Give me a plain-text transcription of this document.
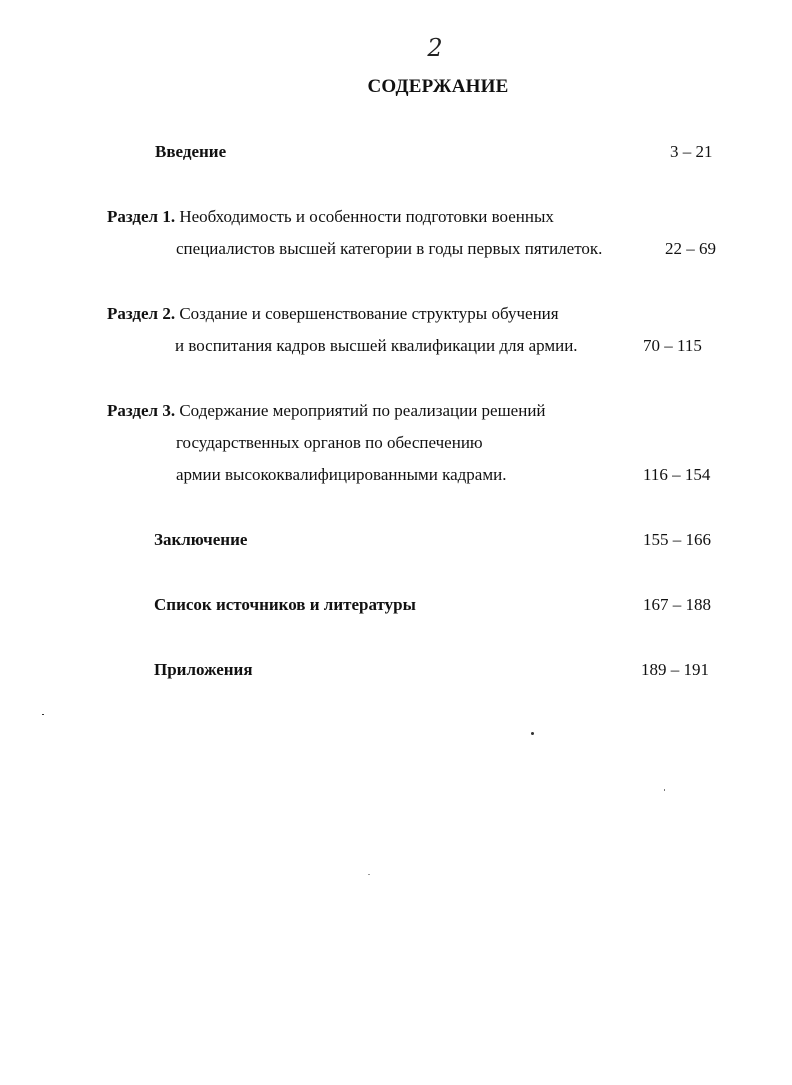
2
СОДЕРЖАНИЕ
Введение	3 – 21
Раздел 1. Необходимость и особенности подготовки военных
специалистов высшей категории в годы первых пятилеток.	22 – 69
Раздел 2. Создание и совершенствование структуры обучения
и воспитания кадров высшей квалификации для армии.	70 – 115
Раздел 3. Содержание мероприятий по реализации решений
государственных органов по обеспечению
армии высококвалифицированными кадрами.	116 – 154
Заключение	155 – 166
Список источников и литературы	167 – 188
Приложения	189 – 191
